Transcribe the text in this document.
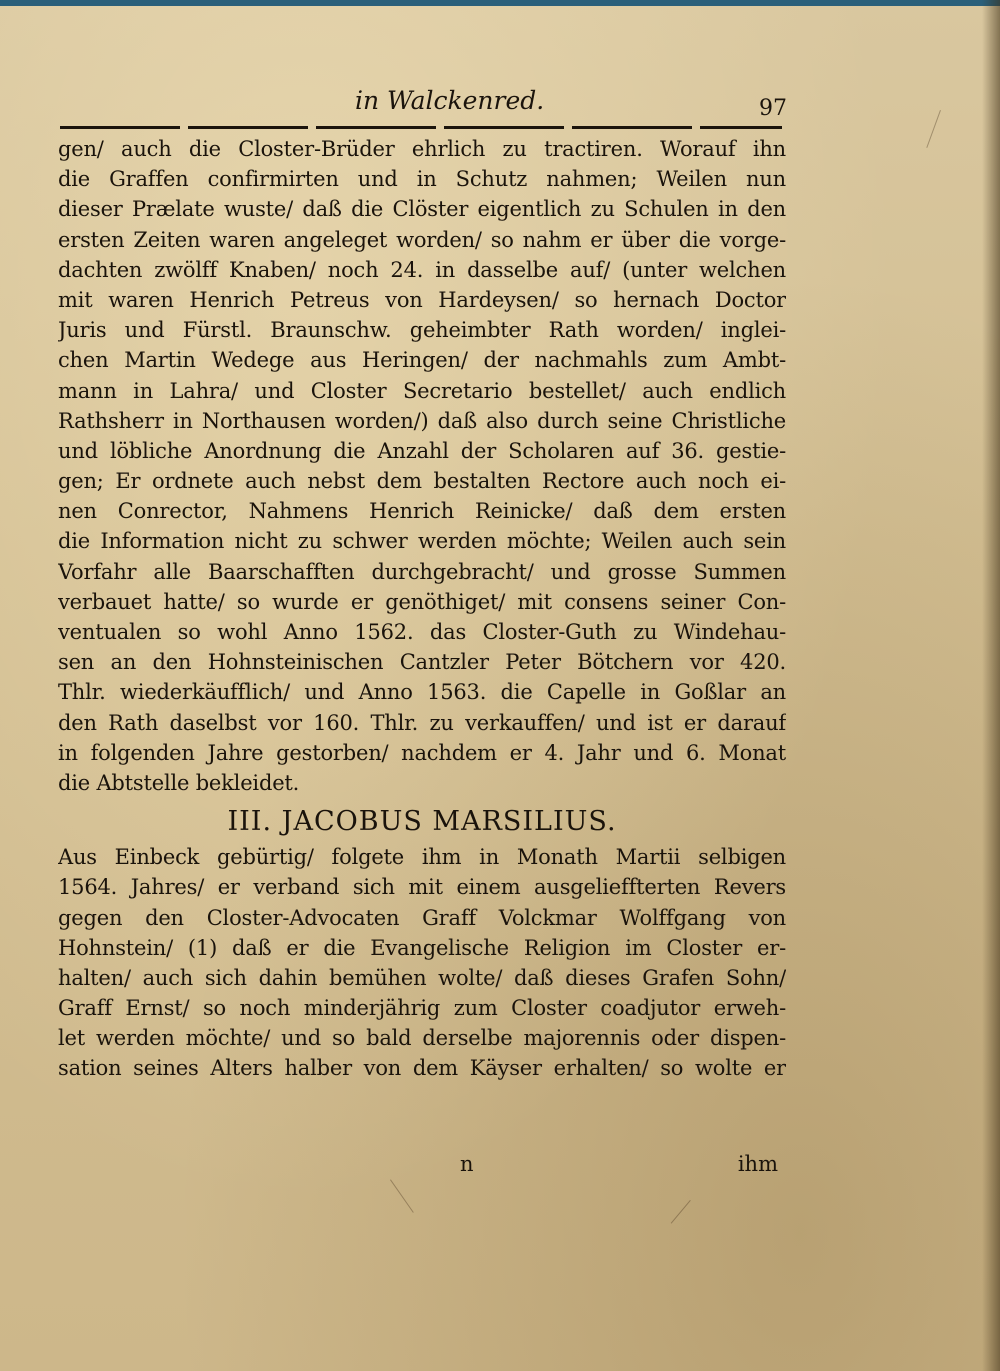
in Walckenred.	97
gen/ auch die Closter-Brüder ehrlich zu tractiren. Worauf ihn
die Graffen confirmirten und in Schutz nahmen; Weilen nun
dieser Prælate wuste/ daß die Clöster eigentlich zu Schulen in den
ersten Zeiten waren angeleget worden/ so nahm er über die vorge-
dachten zwölff Knaben/ noch 24. in dasselbe auf/ (unter welchen
mit waren Henrich Petreus von Hardeysen/ so hernach Doctor
Juris und Fürstl. Braunschw. geheimbter Rath worden/ inglei-
chen Martin Wedege aus Heringen/ der nachmahls zum Ambt-
mann in Lahra/ und Closter Secretario bestellet/ auch endlich
Rathsherr in Northausen worden/) daß also durch seine Christliche
und löbliche Anordnung die Anzahl der Scholaren auf 36. gestie-
gen; Er ordnete auch nebst dem bestalten Rectore auch noch ei-
nen Conrector, Nahmens Henrich Reinicke/ daß dem ersten
die Information nicht zu schwer werden möchte; Weilen auch sein
Vorfahr alle Baarschafften durchgebracht/ und grosse Summen
verbauet hatte/ so wurde er genöthiget/ mit consens seiner Con-
ventualen so wohl Anno 1562. das Closter-Guth zu Windehau-
sen an den Hohnsteinischen Cantzler Peter Bötchern vor 420.
Thlr. wiederkäufflich/ und Anno 1563. die Capelle in Goßlar an
den Rath daselbst vor 160. Thlr. zu verkauffen/ und ist er darauf
in folgenden Jahre gestorben/ nachdem er 4. Jahr und 6. Monat
die Abtstelle bekleidet.
III. JACOBUS MARSILIUS.
Aus Einbeck gebürtig/ folgete ihm in Monath Martii selbigen
1564. Jahres/ er verband sich mit einem ausgelieffterten Revers
gegen den Closter-Advocaten Graff Volckmar Wolffgang von
Hohnstein/ (1) daß er die Evangelische Religion im Closter er-
halten/ auch sich dahin bemühen wolte/ daß dieses Grafen Sohn/
Graff Ernst/ so noch minderjährig zum Closter coadjutor erweh-
let werden möchte/ und so bald derselbe majorennis oder dispen-
sation seines Alters halber von dem Käyser erhalten/ so wolte er
n	ihm
